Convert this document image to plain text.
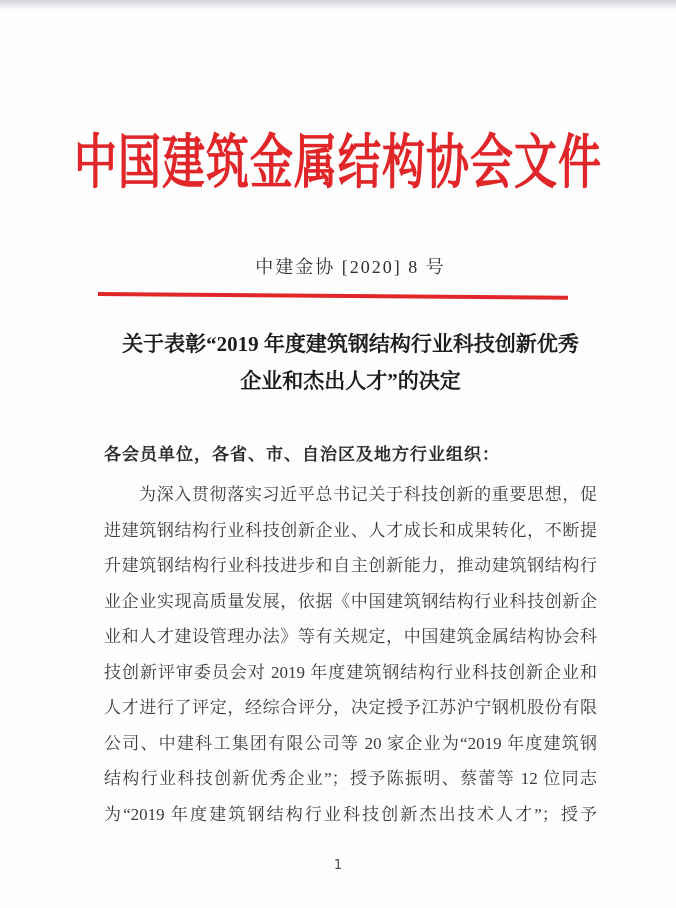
中国建筑金属结构协会文件
中建金协 [2020] 8 号
关于表彰“2019 年度建筑钢结构行业科技创新优秀
企业和杰出人才”的决定
各会员单位，各省、市、自治区及地方行业组织：
为深入贯彻落实习近平总书记关于科技创新的重要思想，促
进建筑钢结构行业科技创新企业、人才成长和成果转化，不断提
升建筑钢结构行业科技进步和自主创新能力，推动建筑钢结构行
业企业实现高质量发展，依据《中国建筑钢结构行业科技创新企
业和人才建设管理办法》等有关规定，中国建筑金属结构协会科
技创新评审委员会对 2019 年度建筑钢结构行业科技创新企业和
人才进行了评定，经综合评分，决定授予江苏沪宁钢机股份有限
公司、中建科工集团有限公司等 20 家企业为“2019 年度建筑钢
结构行业科技创新优秀企业”；授予陈振明、蔡蕾等 12 位同志
为“2019 年度建筑钢结构行业科技创新杰出技术人才”；授予
1
